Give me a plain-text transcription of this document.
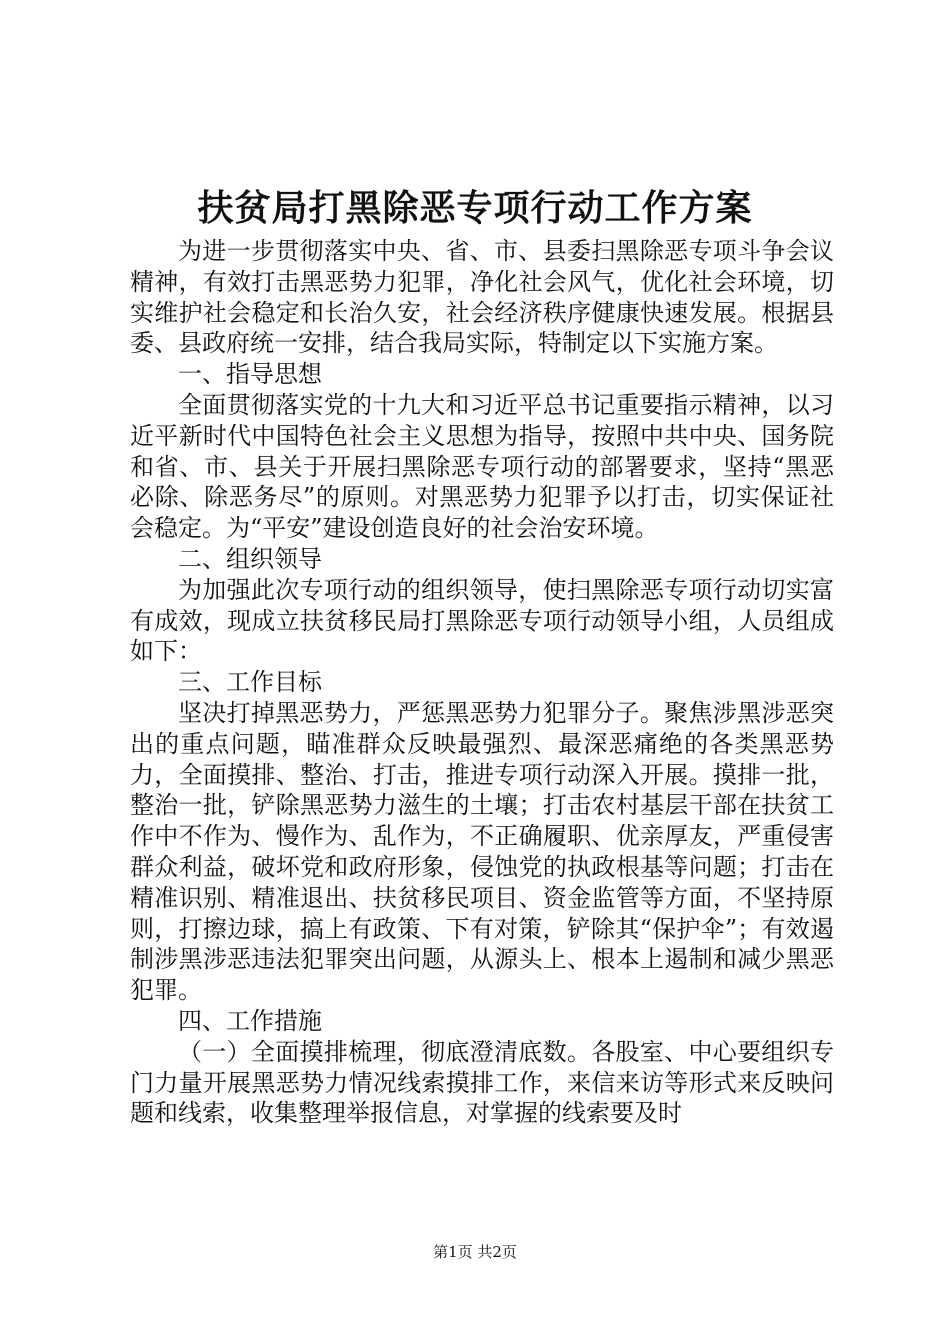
扶贫局打黑除恶专项行动工作方案

为进一步贯彻落实中央、省、市、县委扫黑除恶专项斗争会议精神，有效打击黑恶势力犯罪，净化社会风气，优化社会环境，切实维护社会稳定和长治久安，社会经济秩序健康快速发展。根据县委、县政府统一安排，结合我局实际，特制定以下实施方案。

一、指导思想

全面贯彻落实党的十九大和习近平总书记重要指示精神，以习近平新时代中国特色社会主义思想为指导，按照中共中央、国务院和省、市、县关于开展扫黑除恶专项行动的部署要求，坚持“黑恶必除、除恶务尽”的原则。对黑恶势力犯罪予以打击，切实保证社会稳定。为“平安”建设创造良好的社会治安环境。

二、组织领导

为加强此次专项行动的组织领导，使扫黑除恶专项行动切实富有成效，现成立扶贫移民局打黑除恶专项行动领导小组，人员组成如下：

三、工作目标

坚决打掉黑恶势力，严惩黑恶势力犯罪分子。聚焦涉黑涉恶突出的重点问题，瞄准群众反映最强烈、最深恶痛绝的各类黑恶势力，全面摸排、整治、打击，推进专项行动深入开展。摸排一批，整治一批，铲除黑恶势力滋生的土壤；打击农村基层干部在扶贫工作中不作为、慢作为、乱作为，不正确履职、优亲厚友，严重侵害群众利益，破坏党和政府形象，侵蚀党的执政根基等问题；打击在精准识别、精准退出、扶贫移民项目、资金监管等方面，不坚持原则，打擦边球，搞上有政策、下有对策，铲除其“保护伞”；有效遏制涉黑涉恶违法犯罪突出问题，从源头上、根本上遏制和减少黑恶犯罪。

四、工作措施

（一）全面摸排梳理，彻底澄清底数。各股室、中心要组织专门力量开展黑恶势力情况线索摸排工作，来信来访等形式来反映问题和线索，收集整理举报信息，对掌握的线索要及时

第1页 共2页
